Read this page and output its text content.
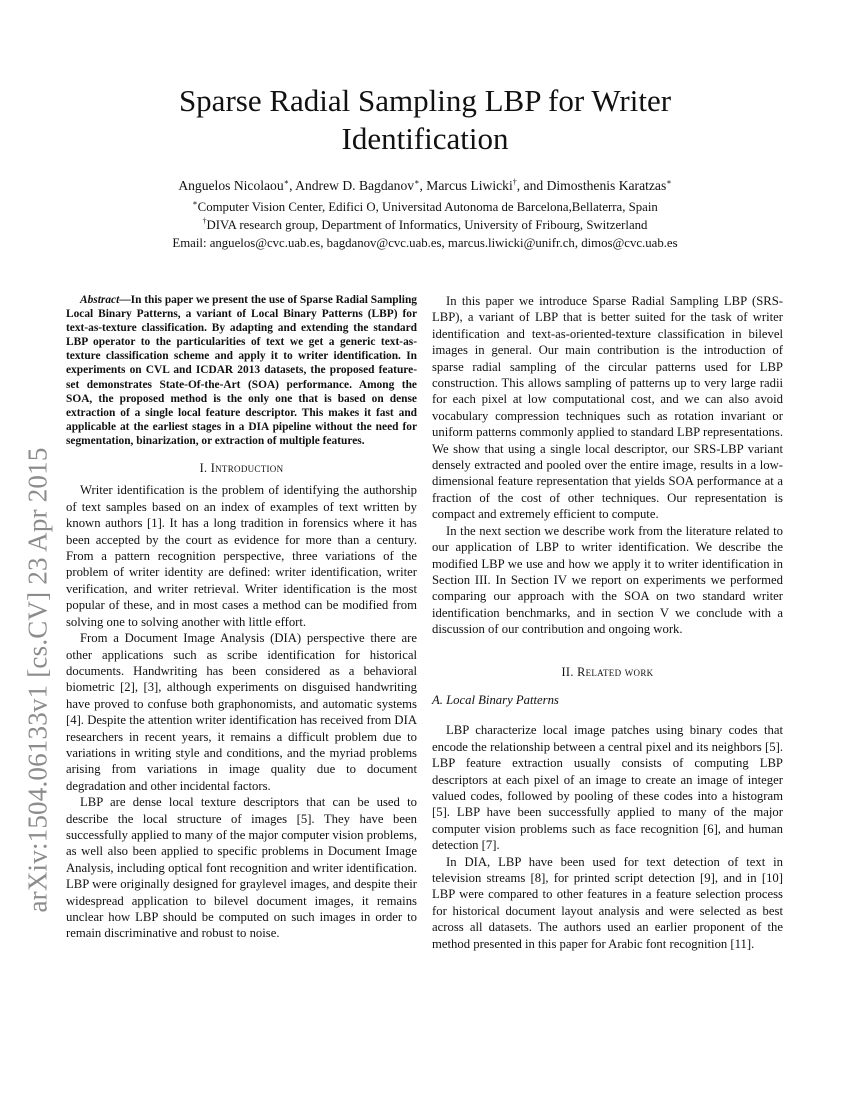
arXiv:1504.06133v1 [cs.CV] 23 Apr 2015
Sparse Radial Sampling LBP for Writer
Identification
Anguelos Nicolaou∗, Andrew D. Bagdanov∗, Marcus Liwicki†, and Dimosthenis Karatzas∗
∗Computer Vision Center, Edifici O, Universitad Autonoma de Barcelona,Bellaterra, Spain
†DIVA research group, Department of Informatics, University of Fribourg, Switzerland
Email: anguelos@cvc.uab.es, bagdanov@cvc.uab.es, marcus.liwicki@unifr.ch, dimos@cvc.uab.es

Abstract—In this paper we present the use of Sparse Radial Sampling Local Binary Patterns, a variant of Local Binary Patterns (LBP) for text-as-texture classification. By adapting and extending the standard LBP operator to the particularities of text we get a generic text-as-texture classification scheme and apply it to writer identification. In experiments on CVL and ICDAR 2013 datasets, the proposed feature-set demonstrates State-Of-the-Art (SOA) performance. Among the SOA, the proposed method is the only one that is based on dense extraction of a single local feature descriptor. This makes it fast and applicable at the earliest stages in a DIA pipeline without the need for segmentation, binarization, or extraction of multiple features.

I. Introduction

Writer identification is the problem of identifying the authorship of text samples based on an index of examples of text written by known authors [1]. It has a long tradition in forensics where it has been accepted by the court as evidence for more than a century. From a pattern recognition perspective, three variations of the problem of writer identity are defined: writer identification, writer verification, and writer retrieval. Writer identification is the most popular of these, and in most cases a method can be modified from solving one to solving another with little effort.

From a Document Image Analysis (DIA) perspective there are other applications such as scribe identification for historical documents. Handwriting has been considered as a behavioral biometric [2], [3], although experiments on disguised handwriting have proved to confuse both graphonomists, and automatic systems [4]. Despite the attention writer identification has received from DIA researchers in recent years, it remains a difficult problem due to variations in writing style and conditions, and the myriad problems arising from variations in image quality due to document degradation and other incidental factors.

LBP are dense local texture descriptors that can be used to describe the local structure of images [5]. They have been successfully applied to many of the major computer vision problems, as well also been applied to specific problems in Document Image Analysis, including optical font recognition and writer identification. LBP were originally designed for graylevel images, and despite their widespread application to bilevel document images, it remains unclear how LBP should be computed on such images in order to remain discriminative and robust to noise.

In this paper we introduce Sparse Radial Sampling LBP (SRS-LBP), a variant of LBP that is better suited for the task of writer identification and text-as-oriented-texture classification in bilevel images in general. Our main contribution is the introduction of sparse radial sampling of the circular patterns used for LBP construction. This allows sampling of patterns up to very large radii for each pixel at low computational cost, and we can also avoid vocabulary compression techniques such as rotation invariant or uniform patterns commonly applied to standard LBP representations. We show that using a single local descriptor, our SRS-LBP variant densely extracted and pooled over the entire image, results in a low-dimensional feature representation that yields SOA performance at a fraction of the cost of other techniques. Our representation is compact and extremely efficient to compute.

In the next section we describe work from the literature related to our application of LBP to writer identification. We describe the modified LBP we use and how we apply it to writer identification in Section III. In Section IV we report on experiments we performed comparing our approach with the SOA on two standard writer identification benchmarks, and in section V we conclude with a discussion of our contribution and ongoing work.

II. Related work
A. Local Binary Patterns

LBP characterize local image patches using binary codes that encode the relationship between a central pixel and its neighbors [5]. LBP feature extraction usually consists of computing LBP descriptors at each pixel of an image to create an image of integer valued codes, followed by pooling of these codes into a histogram [5]. LBP have been successfully applied to many of the major computer vision problems such as face recognition [6], and human detection [7].

In DIA, LBP have been used for text detection of text in television streams [8], for printed script detection [9], and in [10] LBP were compared to other features in a feature selection process for historical document layout analysis and were selected as best across all datasets. The authors used an earlier proponent of the method presented in this paper for Arabic font recognition [11].
